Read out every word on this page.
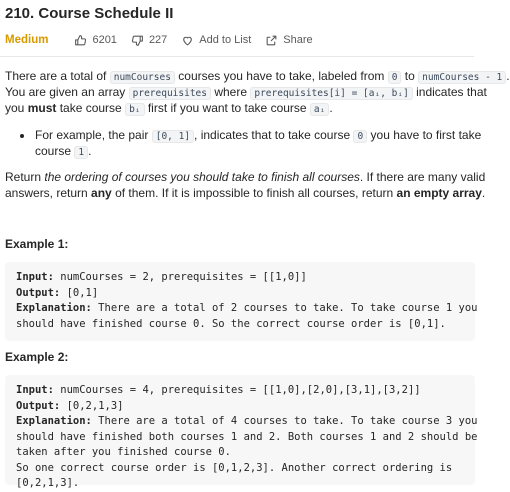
210. Course Schedule II
Medium	6201	227	Add to List	Share
There are a total of numCourses courses you have to take, labeled from 0 to numCourses - 1 .
You are given an array prerequisites where prerequisites[i] = [aᵢ, bᵢ] indicates that
you must take course bᵢ first if you want to take course aᵢ .
For example, the pair [0, 1] , indicates that to take course 0 you have to first take
course 1 .
Return the ordering of courses you should take to finish all courses. If there are many valid
answers, return any of them. If it is impossible to finish all courses, return an empty array.
Example 1:
Input: numCourses = 2, prerequisites = [[1,0]]
Output: [0,1]
Explanation: There are a total of 2 courses to take. To take course 1 you
should have finished course 0. So the correct course order is [0,1].
Example 2:
Input: numCourses = 4, prerequisites = [[1,0],[2,0],[3,1],[3,2]]
Output: [0,2,1,3]
Explanation: There are a total of 4 courses to take. To take course 3 you
should have finished both courses 1 and 2. Both courses 1 and 2 should be
taken after you finished course 0.
So one correct course order is [0,1,2,3]. Another correct ordering is
[0,2,1,3].
